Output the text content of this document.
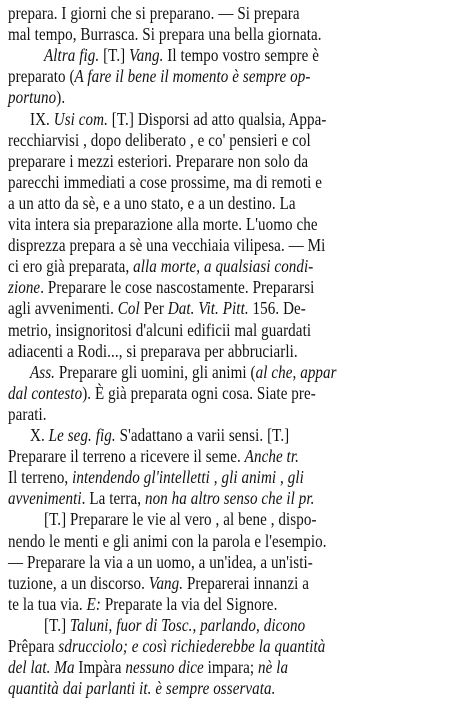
prepara. I giorni che si preparano. — Si prepara
mal tempo, Burrasca. Si prepara una bella giornata.
Altra fig. [T.] Vang. Il tempo vostro sempre è
preparato (A fare il bene il momento è sempre op-
portuno).
IX. Usi com. [T.] Disporsi ad atto qualsia, Appa-
recchiarvisi , dopo deliberato , e co' pensieri e col
preparare i mezzi esteriori. Preparare non solo da
parecchi immediati a cose prossime, ma di remoti e
a un atto da sè, e a uno stato, e a un destino. La
vita intera sia preparazione alla morte. L'uomo che
disprezza prepara a sè una vecchiaia vilipesa. — Mi
ci ero già preparata, alla morte, a qualsiasi condi-
zione. Preparare le cose nascostamente. Prepararsi
agli avvenimenti. Col Per Dat. Vit. Pitt. 156. De-
metrio, insignoritosi d'alcuni edificii mal guardati
adiacenti a Rodi..., si preparava per abbruciarli.
Ass. Preparare gli uomini, gli animi (al che, appar
dal contesto). È già preparata ogni cosa. Siate pre-
parati.
X. Le seg. fig. S'adattano a varii sensi. [T.]
Preparare il terreno a ricevere il seme. Anche tr.
Il terreno, intendendo gl'intelletti , gli animi , gli
avvenimenti. La terra, non ha altro senso che il pr.
[T.] Preparare le vie al vero , al bene , dispo-
nendo le menti e gli animi con la parola e l'esempio.
— Preparare la via a un uomo, a un'idea, a un'isti-
tuzione, a un discorso. Vang. Preparerai innanzi a
te la tua via. E: Preparate la via del Signore.
[T.] Taluni, fuor di Tosc., parlando, dicono
Prêpara sdrucciolo; e così richiederebbe la quantità
del lat. Ma Impàra nessuno dice impara; nè la
quantità dai parlanti it. è sempre osservata.
